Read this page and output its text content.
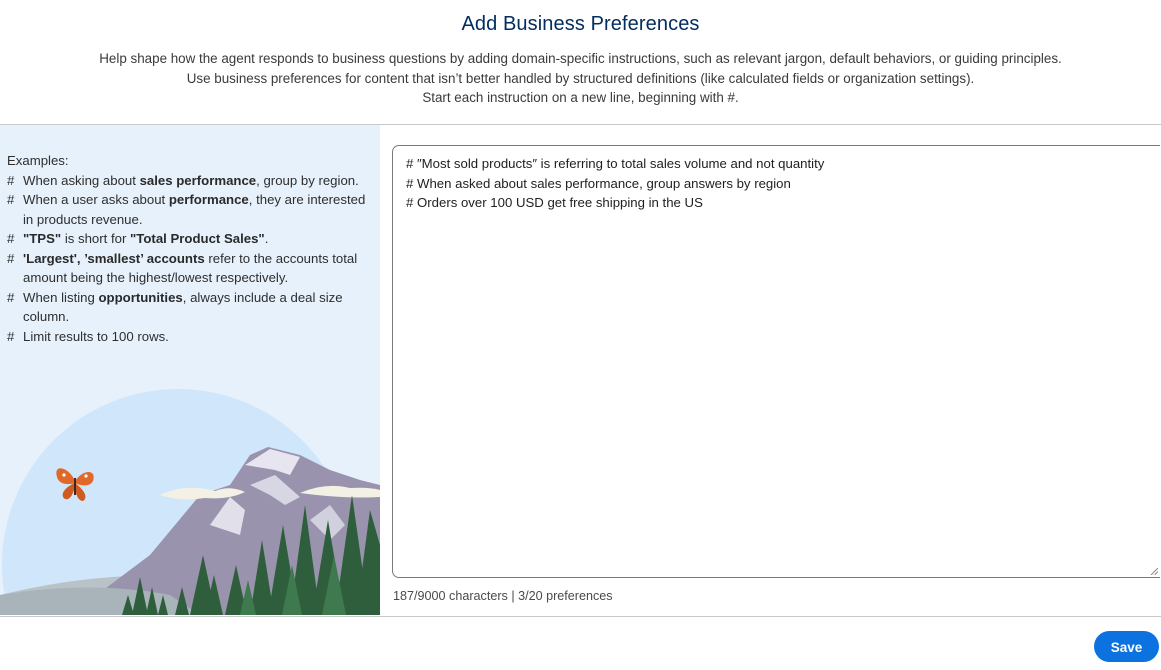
Add Business Preferences
Help shape how the agent responds to business questions by adding domain-specific instructions, such as relevant jargon, default behaviors, or guiding principles.
Use business preferences for content that isn’t better handled by structured definitions (like calculated fields or organization settings).
Start each instruction on a new line, beginning with #.
Examples:
# When asking about sales performance, group by region.
# When a user asks about performance, they are interested in products revenue.
# "TPS" is short for "Total Product Sales".
# 'Largest', ’smallest’ accounts refer to the accounts total amount being the highest/lowest respectively.
# When listing opportunities, always include a deal size column.
# Limit results to 100 rows.
# ″Most sold products″ is referring to total sales volume and not quantity
# When asked about sales performance, group answers by region
# Orders over 100 USD get free shipping in the US
187/9000 characters | 3/20 preferences
Save
